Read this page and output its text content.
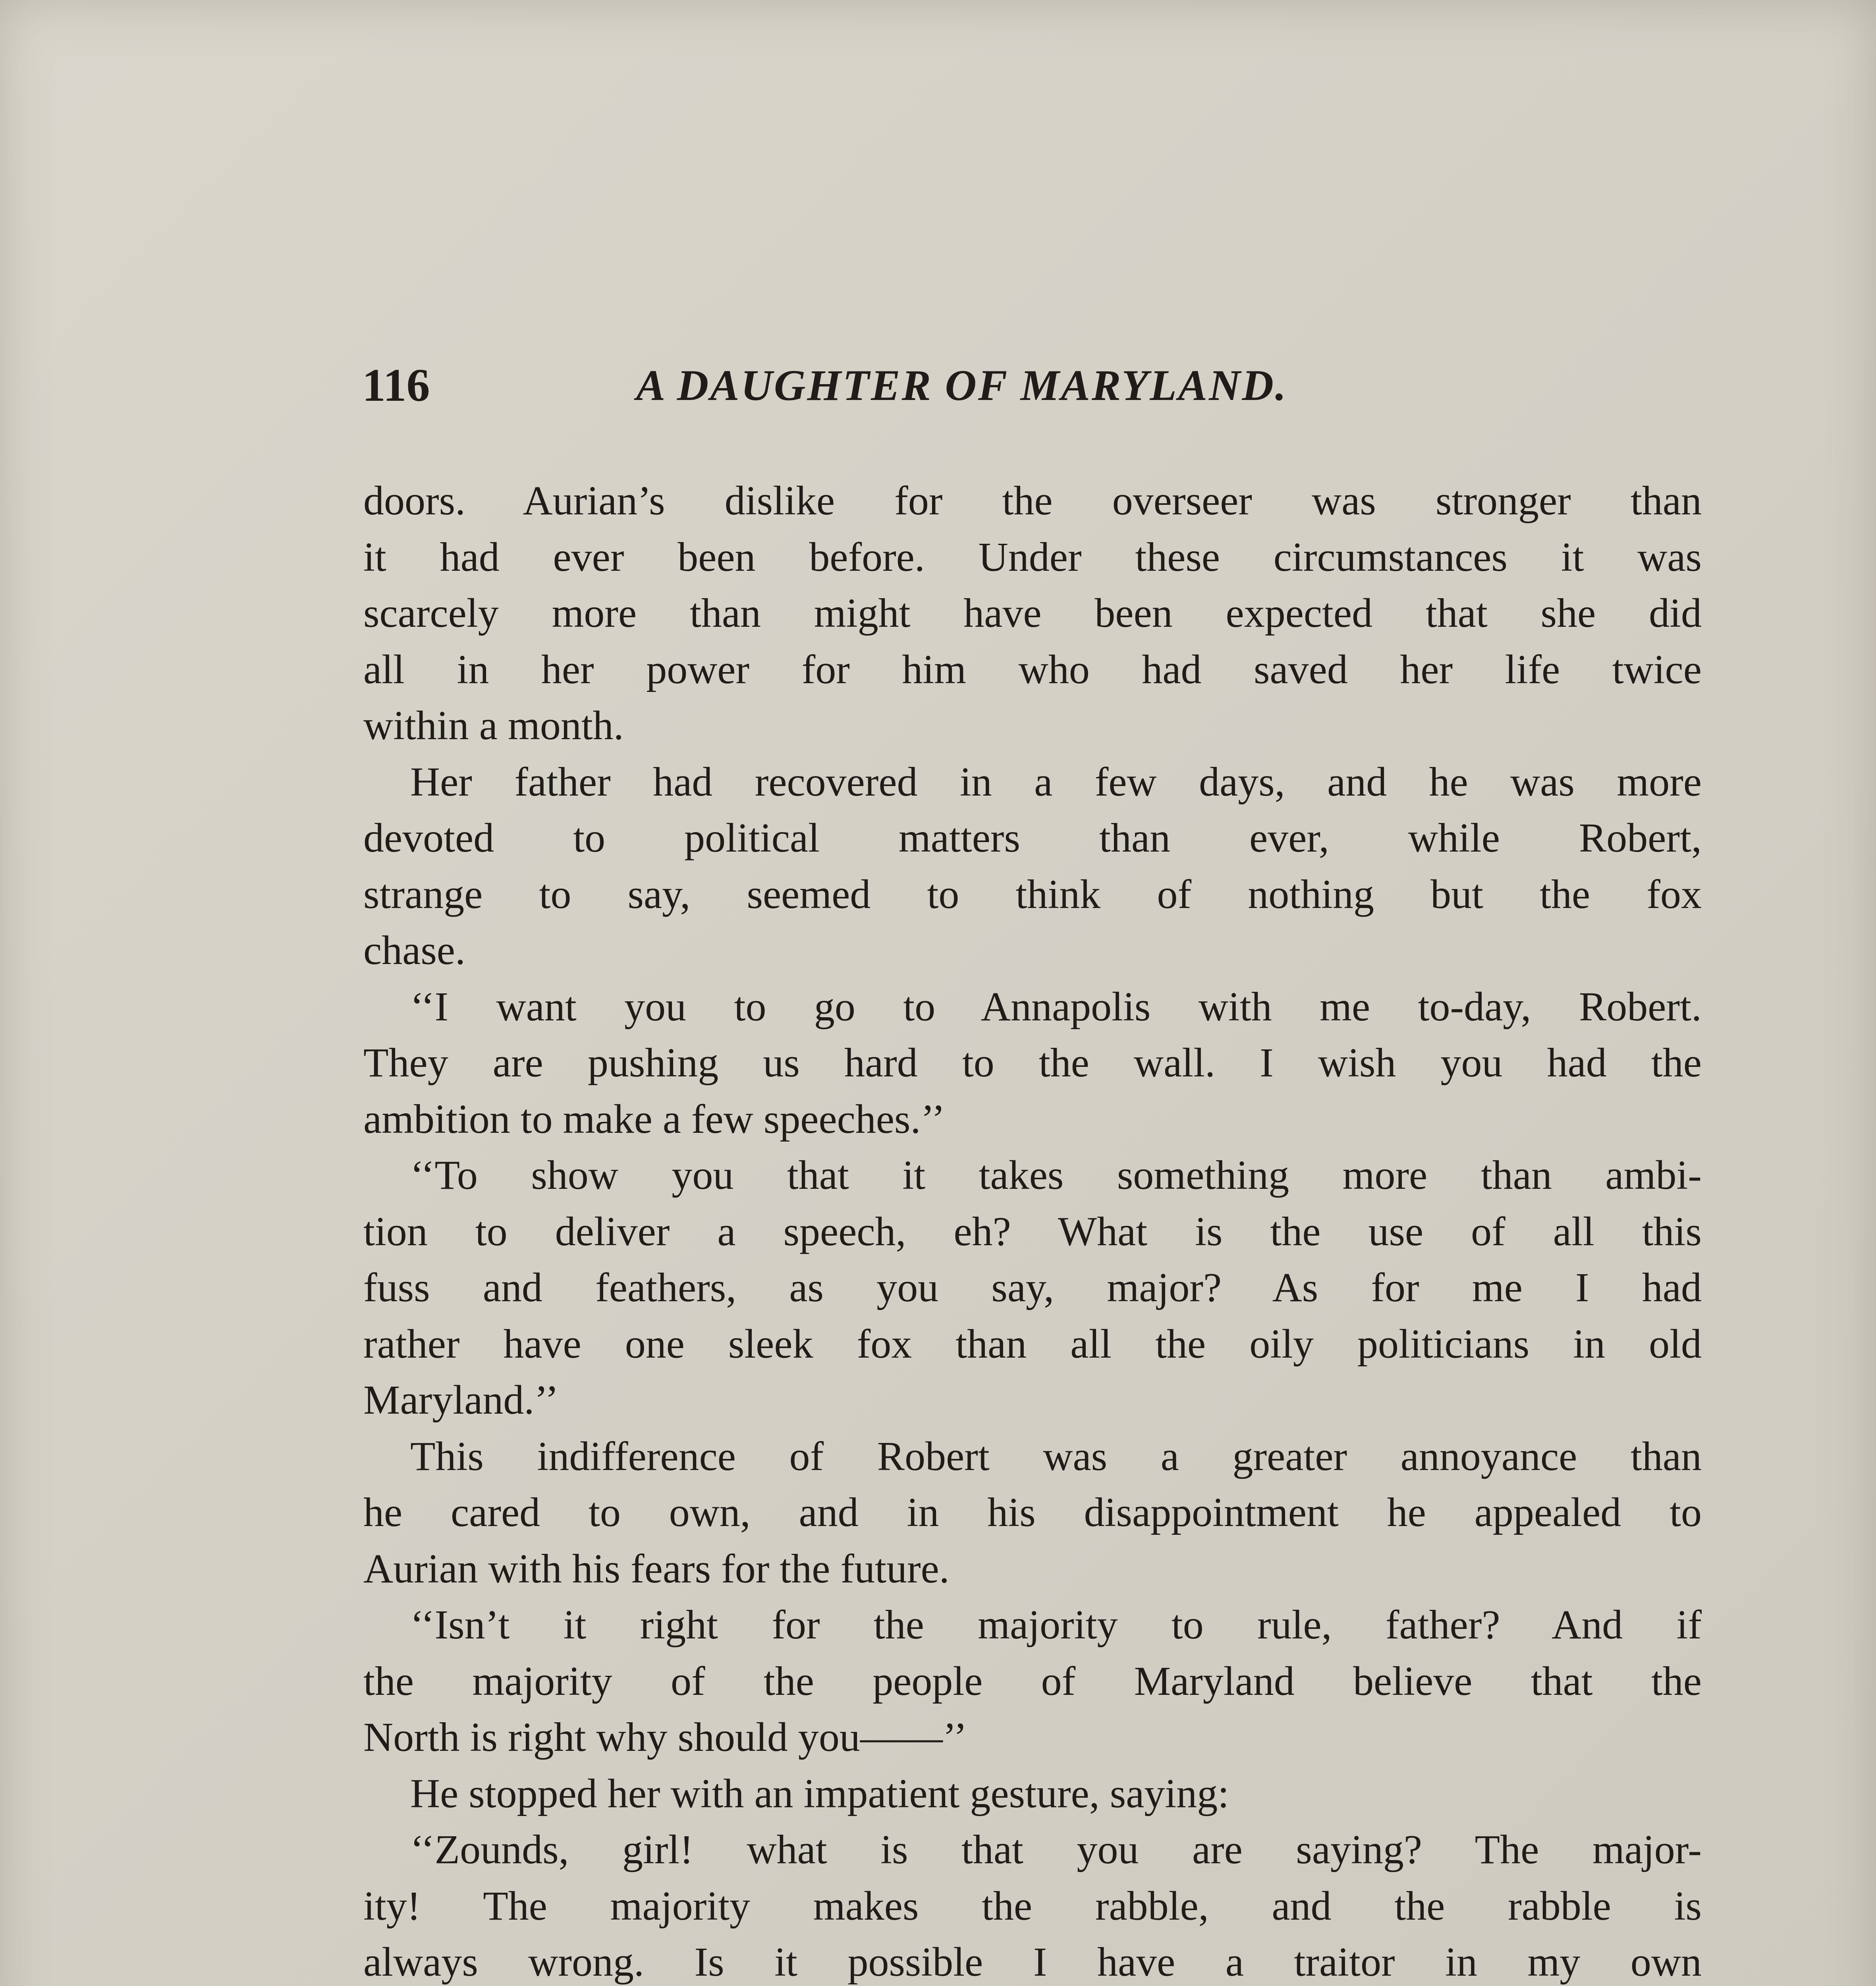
116	A DAUGHTER OF MARYLAND.

doors. Aurian’s dislike for the overseer was stronger than
it had ever been before. Under these circumstances it was
scarcely more than might have been expected that she did
all in her power for him who had saved her life twice
within a month.

Her father had recovered in a few days, and he was more
devoted to political matters than ever, while Robert,
strange to say, seemed to think of nothing but the fox
chase.

‘‘I want you to go to Annapolis with me to-day, Robert.
They are pushing us hard to the wall. I wish you had the
ambition to make a few speeches.’’

‘‘To show you that it takes something more than ambi-
tion to deliver a speech, eh? What is the use of all this
fuss and feathers, as you say, major? As for me I had
rather have one sleek fox than all the oily politicians in old
Maryland.’’

This indifference of Robert was a greater annoyance than
he cared to own, and in his disappointment he appealed to
Aurian with his fears for the future.

‘‘Isn’t it right for the majority to rule, father? And if
the majority of the people of Maryland believe that the
North is right why should you——’’

He stopped her with an impatient gesture, saying:

‘‘Zounds, girl! what is that you are saying? The major-
ity! The majority makes the rabble, and the rabble is
always wrong. Is it possible I have a traitor in my own
